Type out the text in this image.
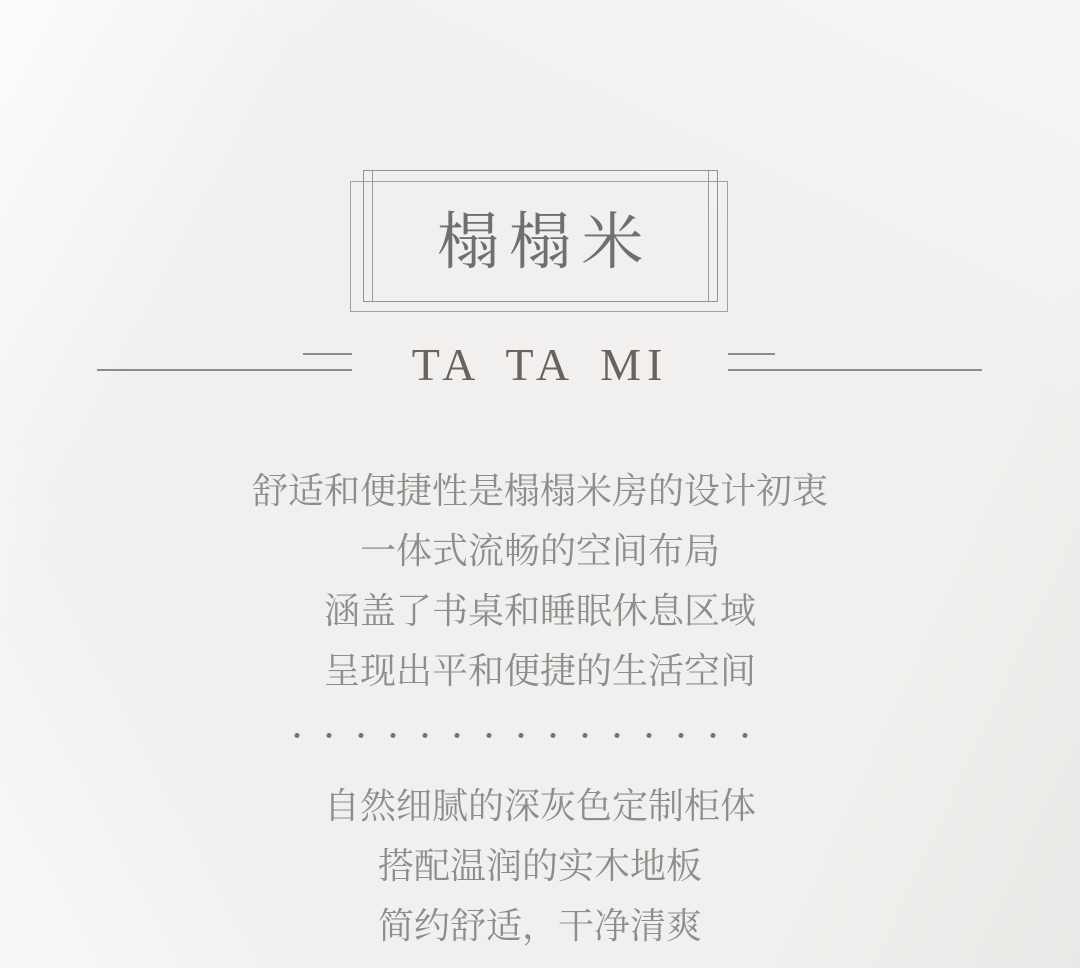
榻榻米
TA TA MI
舒适和便捷性是榻榻米房的设计初衷
一体式流畅的空间布局
涵盖了书桌和睡眠休息区域
呈现出平和便捷的生活空间
自然细腻的深灰色定制柜体
搭配温润的实木地板
简约舒适，干净清爽
